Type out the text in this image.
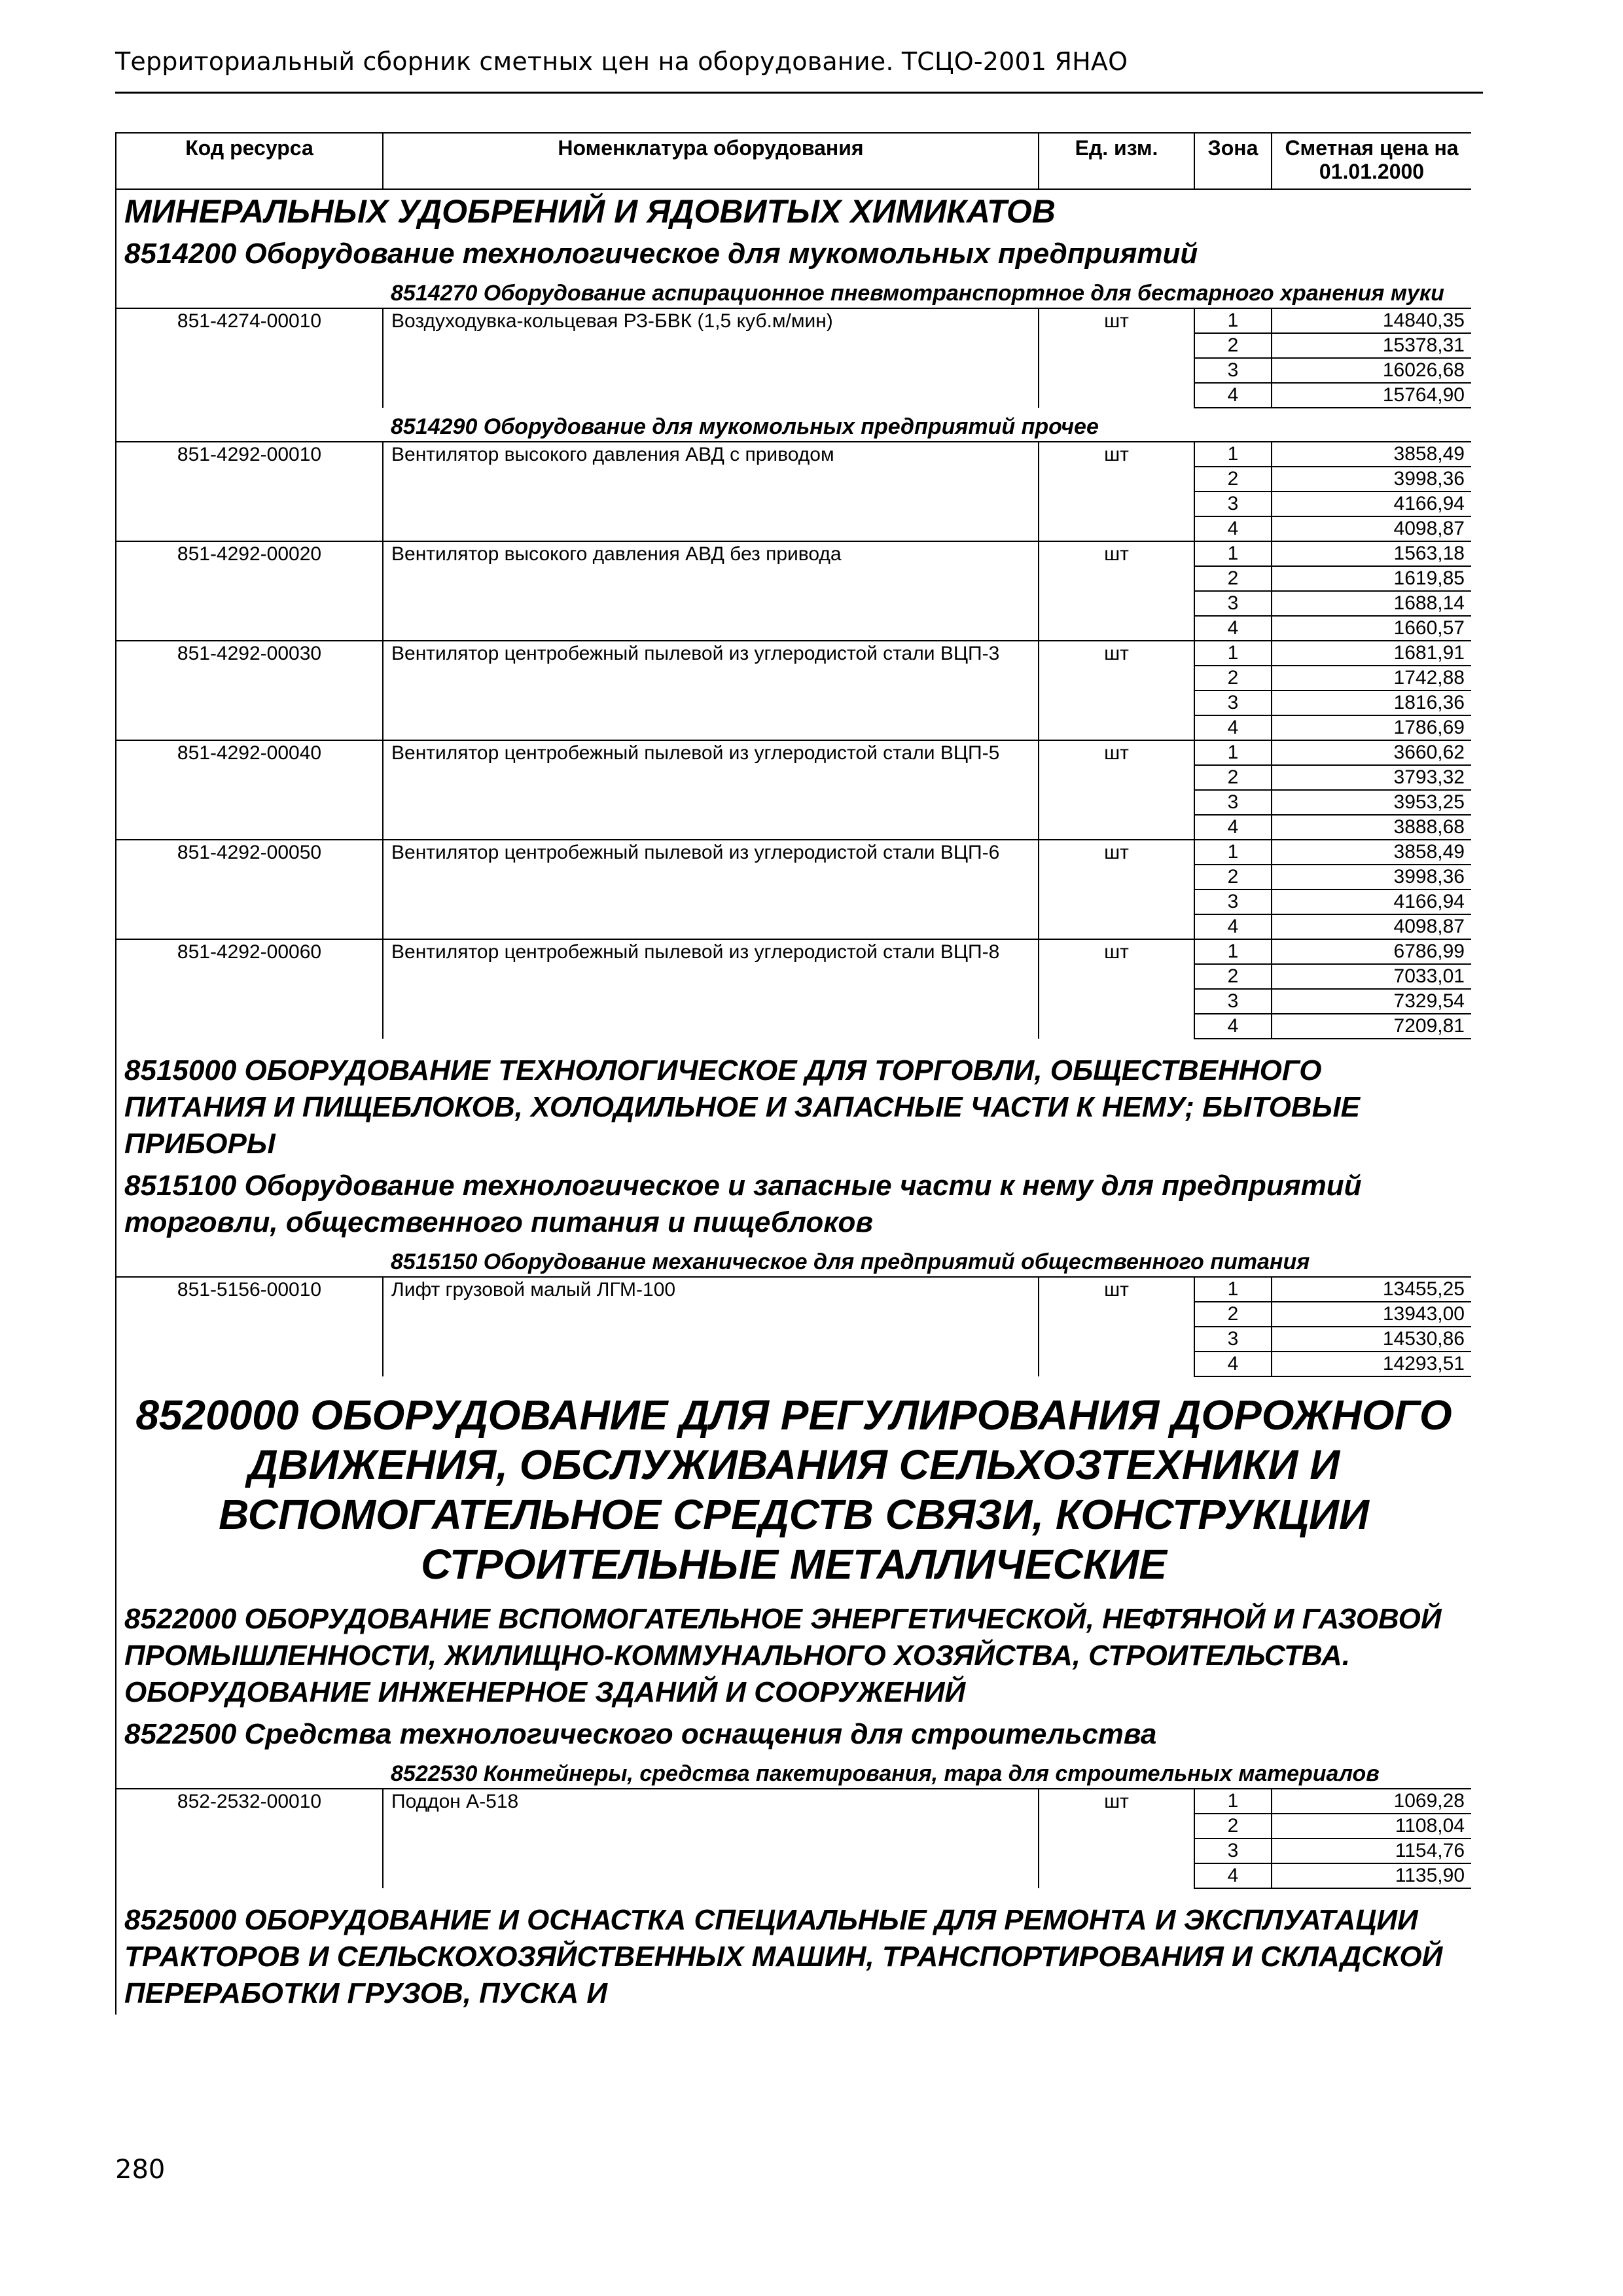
Территориальный сборник сметных цен на оборудование. ТСЦО-2001 ЯНАО
Код ресурса	Номенклатура оборудования	Ед. изм.	Зона	Сметная цена на 01.01.2000
МИНЕРАЛЬНЫХ УДОБРЕНИЙ И ЯДОВИТЫХ ХИМИКАТОВ				
8514200 Оборудование технологическое для мукомольных предприятий				
	8514270 Оборудование аспирационное пневмотранспортное для бестарного хранения муки			
851-4274-00010	Воздуходувка-кольцевая РЗ-БВК (1,5 куб.м/мин)	шт	1	14840,35
			2	15378,31
			3	16026,68
			4	15764,90
	8514290 Оборудование для мукомольных предприятий прочее			
851-4292-00010	Вентилятор высокого давления АВД с приводом	шт	1	3858,49
			2	3998,36
			3	4166,94
			4	4098,87
851-4292-00020	Вентилятор высокого давления АВД без привода	шт	1	1563,18
			2	1619,85
			3	1688,14
			4	1660,57
851-4292-00030	Вентилятор центробежный пылевой из углеродистой стали ВЦП-3	шт	1	1681,91
			2	1742,88
			3	1816,36
			4	1786,69
851-4292-00040	Вентилятор центробежный пылевой из углеродистой стали ВЦП-5	шт	1	3660,62
			2	3793,32
			3	3953,25
			4	3888,68
851-4292-00050	Вентилятор центробежный пылевой из углеродистой стали ВЦП-6	шт	1	3858,49
			2	3998,36
			3	4166,94
			4	4098,87
851-4292-00060	Вентилятор центробежный пылевой из углеродистой стали ВЦП-8	шт	1	6786,99
			2	7033,01
			3	7329,54
			4	7209,81
8515000 ОБОРУДОВАНИЕ ТЕХНОЛОГИЧЕСКОЕ ДЛЯ ТОРГОВЛИ, ОБЩЕСТВЕННОГО ПИТАНИЯ И ПИЩЕБЛОКОВ, ХОЛОДИЛЬНОЕ И ЗАПАСНЫЕ ЧАСТИ К НЕМУ; БЫТОВЫЕ ПРИБОРЫ				
8515100 Оборудование технологическое и запасные части к нему для предприятий торговли, общественного питания и пищеблоков				
	8515150 Оборудование механическое для предприятий общественного питания			
851-5156-00010	Лифт грузовой малый ЛГМ-100	шт	1	13455,25
			2	13943,00
			3	14530,86
			4	14293,51
8520000 ОБОРУДОВАНИЕ ДЛЯ РЕГУЛИРОВАНИЯ ДОРОЖНОГО ДВИЖЕНИЯ, ОБСЛУЖИВАНИЯ СЕЛЬХОЗТЕХНИКИ И ВСПОМОГАТЕЛЬНОЕ СРЕДСТВ СВЯЗИ, КОНСТРУКЦИИ СТРОИТЕЛЬНЫЕ МЕТАЛЛИЧЕСКИЕ				
8522000 ОБОРУДОВАНИЕ ВСПОМОГАТЕЛЬНОЕ ЭНЕРГЕТИЧЕСКОЙ, НЕФТЯНОЙ И ГАЗОВОЙ ПРОМЫШЛЕННОСТИ, ЖИЛИЩНО-КОММУНАЛЬНОГО ХОЗЯЙСТВА, СТРОИТЕЛЬСТВА. ОБОРУДОВАНИЕ ИНЖЕНЕРНОЕ ЗДАНИЙ И СООРУЖЕНИЙ				
8522500 Средства технологического оснащения для строительства				
	8522530 Контейнеры, средства пакетирования, тара для строительных материалов			
852-2532-00010	Поддон А-518	шт	1	1069,28
			2	1108,04
			3	1154,76
			4	1135,90
8525000 ОБОРУДОВАНИЕ И ОСНАСТКА СПЕЦИАЛЬНЫЕ ДЛЯ РЕМОНТА И ЭКСПЛУАТАЦИИ ТРАКТОРОВ И СЕЛЬСКОХОЗЯЙСТВЕННЫХ МАШИН, ТРАНСПОРТИРОВАНИЯ И СКЛАДСКОЙ ПЕРЕРАБОТКИ ГРУЗОВ, ПУСКА И				
280
